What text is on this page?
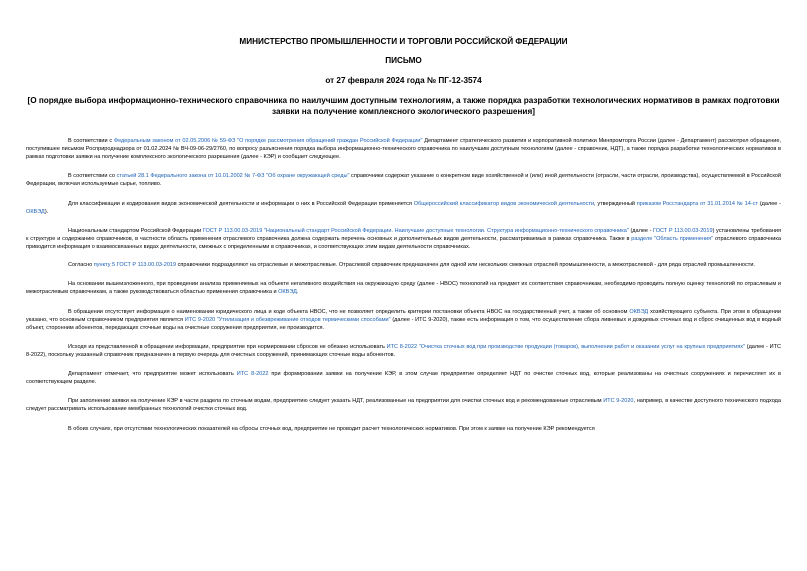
МИНИСТЕРСТВО ПРОМЫШЛЕННОСТИ И ТОРГОВЛИ РОССИЙСКОЙ ФЕДЕРАЦИИ
ПИСЬМО
от 27 февраля 2024 года № ПГ-12-3574
[О порядке выбора информационно-технического справочника по наилучшим доступным технологиям, а также порядка разработки технологических нормативов в рамках подготовки заявки на получение комплексного экологического разрешения]

В соответствии с Федеральным законом от 02.05.2006 № 59-ФЗ "О порядке рассмотрения обращений граждан Российской Федерации" Департамент стратегического развития и корпоративной политики Минпромторга России (далее - Департамент) рассмотрел обращение, поступившее письмом Росприроднадзора от 01.02.2024 № ВЧ-09-06-29/2760, по вопросу разъяснения порядка выбора информационно-технического справочника по наилучшим доступным технологиям (далее - справочник, НДТ), а также порядка разработки технологических нормативов в рамках подготовки заявки на получение комплексного экологического разрешения (далее - КЭР) и сообщает следующее.

В соответствии со статьей 28.1 Федерального закона от 10.01.2002 № 7-ФЗ "Об охране окружающей среды" справочники содержат указание о конкретном виде хозяйственной и (или) иной деятельности (отрасли, части отрасли, производства), осуществляемой в Российской Федерации, включая используемые сырье, топливо.

Для классификации и кодирования видов экономической деятельности и информации о них в Российской Федерации применяется Общероссийский классификатор видов экономической деятельности, утвержденный приказом Росстандарта от 31.01.2014 № 14-ст (далее - ОКВЭД).

Национальным стандартом Российской Федерации ГОСТ Р 113.00.03-2019 "Национальный стандарт Российской Федерации. Наилучшие доступные технологии. Структура информационно-технического справочника" (далее - ГОСТ Р 113.00.03-2019) установлены требования к структуре и содержанию справочников, в частности область применения отраслевого справочника должна содержать перечень основных и дополнительных видов деятельности, рассматриваемых в рамках справочника. Также в разделе "Область применения" отраслевого справочника приводится информация о взаимосвязанных видах деятельности, смежных с определенными в справочниках, и соответствующих этим видам деятельности справочниках.

Согласно пункту 5 ГОСТ Р 113.00.03-2019 справочники подразделяют на отраслевые и межотраслевые. Отраслевой справочник предназначен для одной или нескольких смежных отраслей промышленности, а межотраслевой - для ряда отраслей промышленности.

На основании вышеизложенного, при проведении анализа применяемых на объекте негативного воздействия на окружающую среду (далее - НВОС) технологий на предмет их соответствия справочникам, необходимо проводить полную оценку технологий по отраслевым и межотраслевым справочникам, а также руководствоваться областью применения справочника и ОКВЭД.

В обращении отсутствует информация о наименовании юридического лица и коде объекта НВОС, что не позволяет определить критерии постановки объекта НВОС на государственный учет, а также об основном ОКВЭД хозяйствующего субъекта. При этом в обращении указано, что основным справочником предприятия является ИТС 9-2020 "Утилизация и обезвреживание отходов термическими способами" (далее - ИТС 9-2020), также есть информация о том, что осуществление сбора ливневых и дождевых сточных вод и сброс очищенных вод в водный объект, сторонним абонентов, передающих сточные воды на очистные сооружения предприятия, не производится.

Исходя из представленной в обращении информации, предприятие при нормировании сбросов не обязано использовать ИТС 8-2022 "Очистка сточных вод при производстве продукции (товаров), выполнении работ и оказании услуг на крупных предприятиях" (далее - ИТС 8-2022), поскольку указанный справочник предназначен в первую очередь для очистных сооружений, принимающих сточные воды абонентов.

Департамент отмечает, что предприятие может использовать ИТС 8-2022 при формировании заявки на получение КЭР, в этом случае предприятие определяет НДТ по очистке сточных вод, которые реализованы на очистных сооружениях и перечисляет их в соответствующем разделе.

При заполнении заявки на получение КЭР в части раздела по сточным водам, предприятию следует указать НДТ, реализованные на предприятии для очистки сточных вод и рекомендованные отраслевым ИТС 9-2020, например, в качестве доступного технического подхода следует рассматривать использование мембранных технологий очистки сточных вод.

В обоих случаях, при отсутствии технологических показателей на сбросы сточных вод, предприятие не проводит расчет технологических нормативов. При этом к заявке на получение КЭР рекомендуется
